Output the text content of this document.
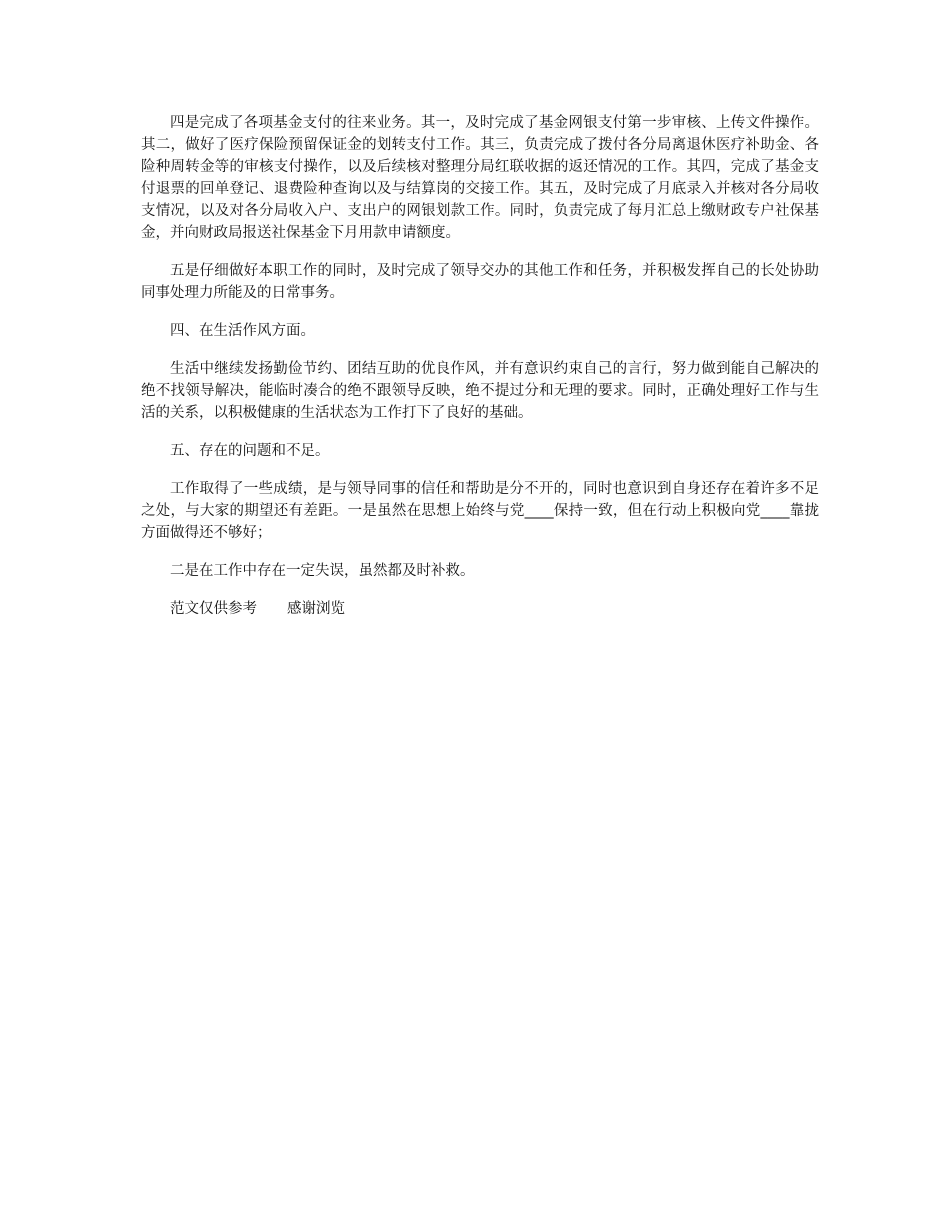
四是完成了各项基金支付的往来业务。其一，及时完成了基金网银支付第一步审核、上传文件操作。其二，做好了医疗保险预留保证金的划转支付工作。其三，负责完成了拨付各分局离退休医疗补助金、各险种周转金等的审核支付操作，以及后续核对整理分局红联收据的返还情况的工作。其四，完成了基金支付退票的回单登记、退费险种查询以及与结算岗的交接工作。其五，及时完成了月底录入并核对各分局收支情况，以及对各分局收入户、支出户的网银划款工作。同时，负责完成了每月汇总上缴财政专户社保基金，并向财政局报送社保基金下月用款申请额度。

五是仔细做好本职工作的同时，及时完成了领导交办的其他工作和任务，并积极发挥自己的长处协助同事处理力所能及的日常事务。

四、在生活作风方面。

生活中继续发扬勤俭节约、团结互助的优良作风，并有意识约束自己的言行，努力做到能自己解决的绝不找领导解决，能临时凑合的绝不跟领导反映，绝不提过分和无理的要求。同时，正确处理好工作与生活的关系，以积极健康的生活状态为工作打下了良好的基础。

五、存在的问题和不足。

工作取得了一些成绩，是与领导同事的信任和帮助是分不开的，同时也意识到自身还存在着许多不足之处，与大家的期望还有差距。一是虽然在思想上始终与党____保持一致，但在行动上积极向党____靠拢方面做得还不够好；

二是在工作中存在一定失误，虽然都及时补救。

范文仅供参考 感谢浏览
